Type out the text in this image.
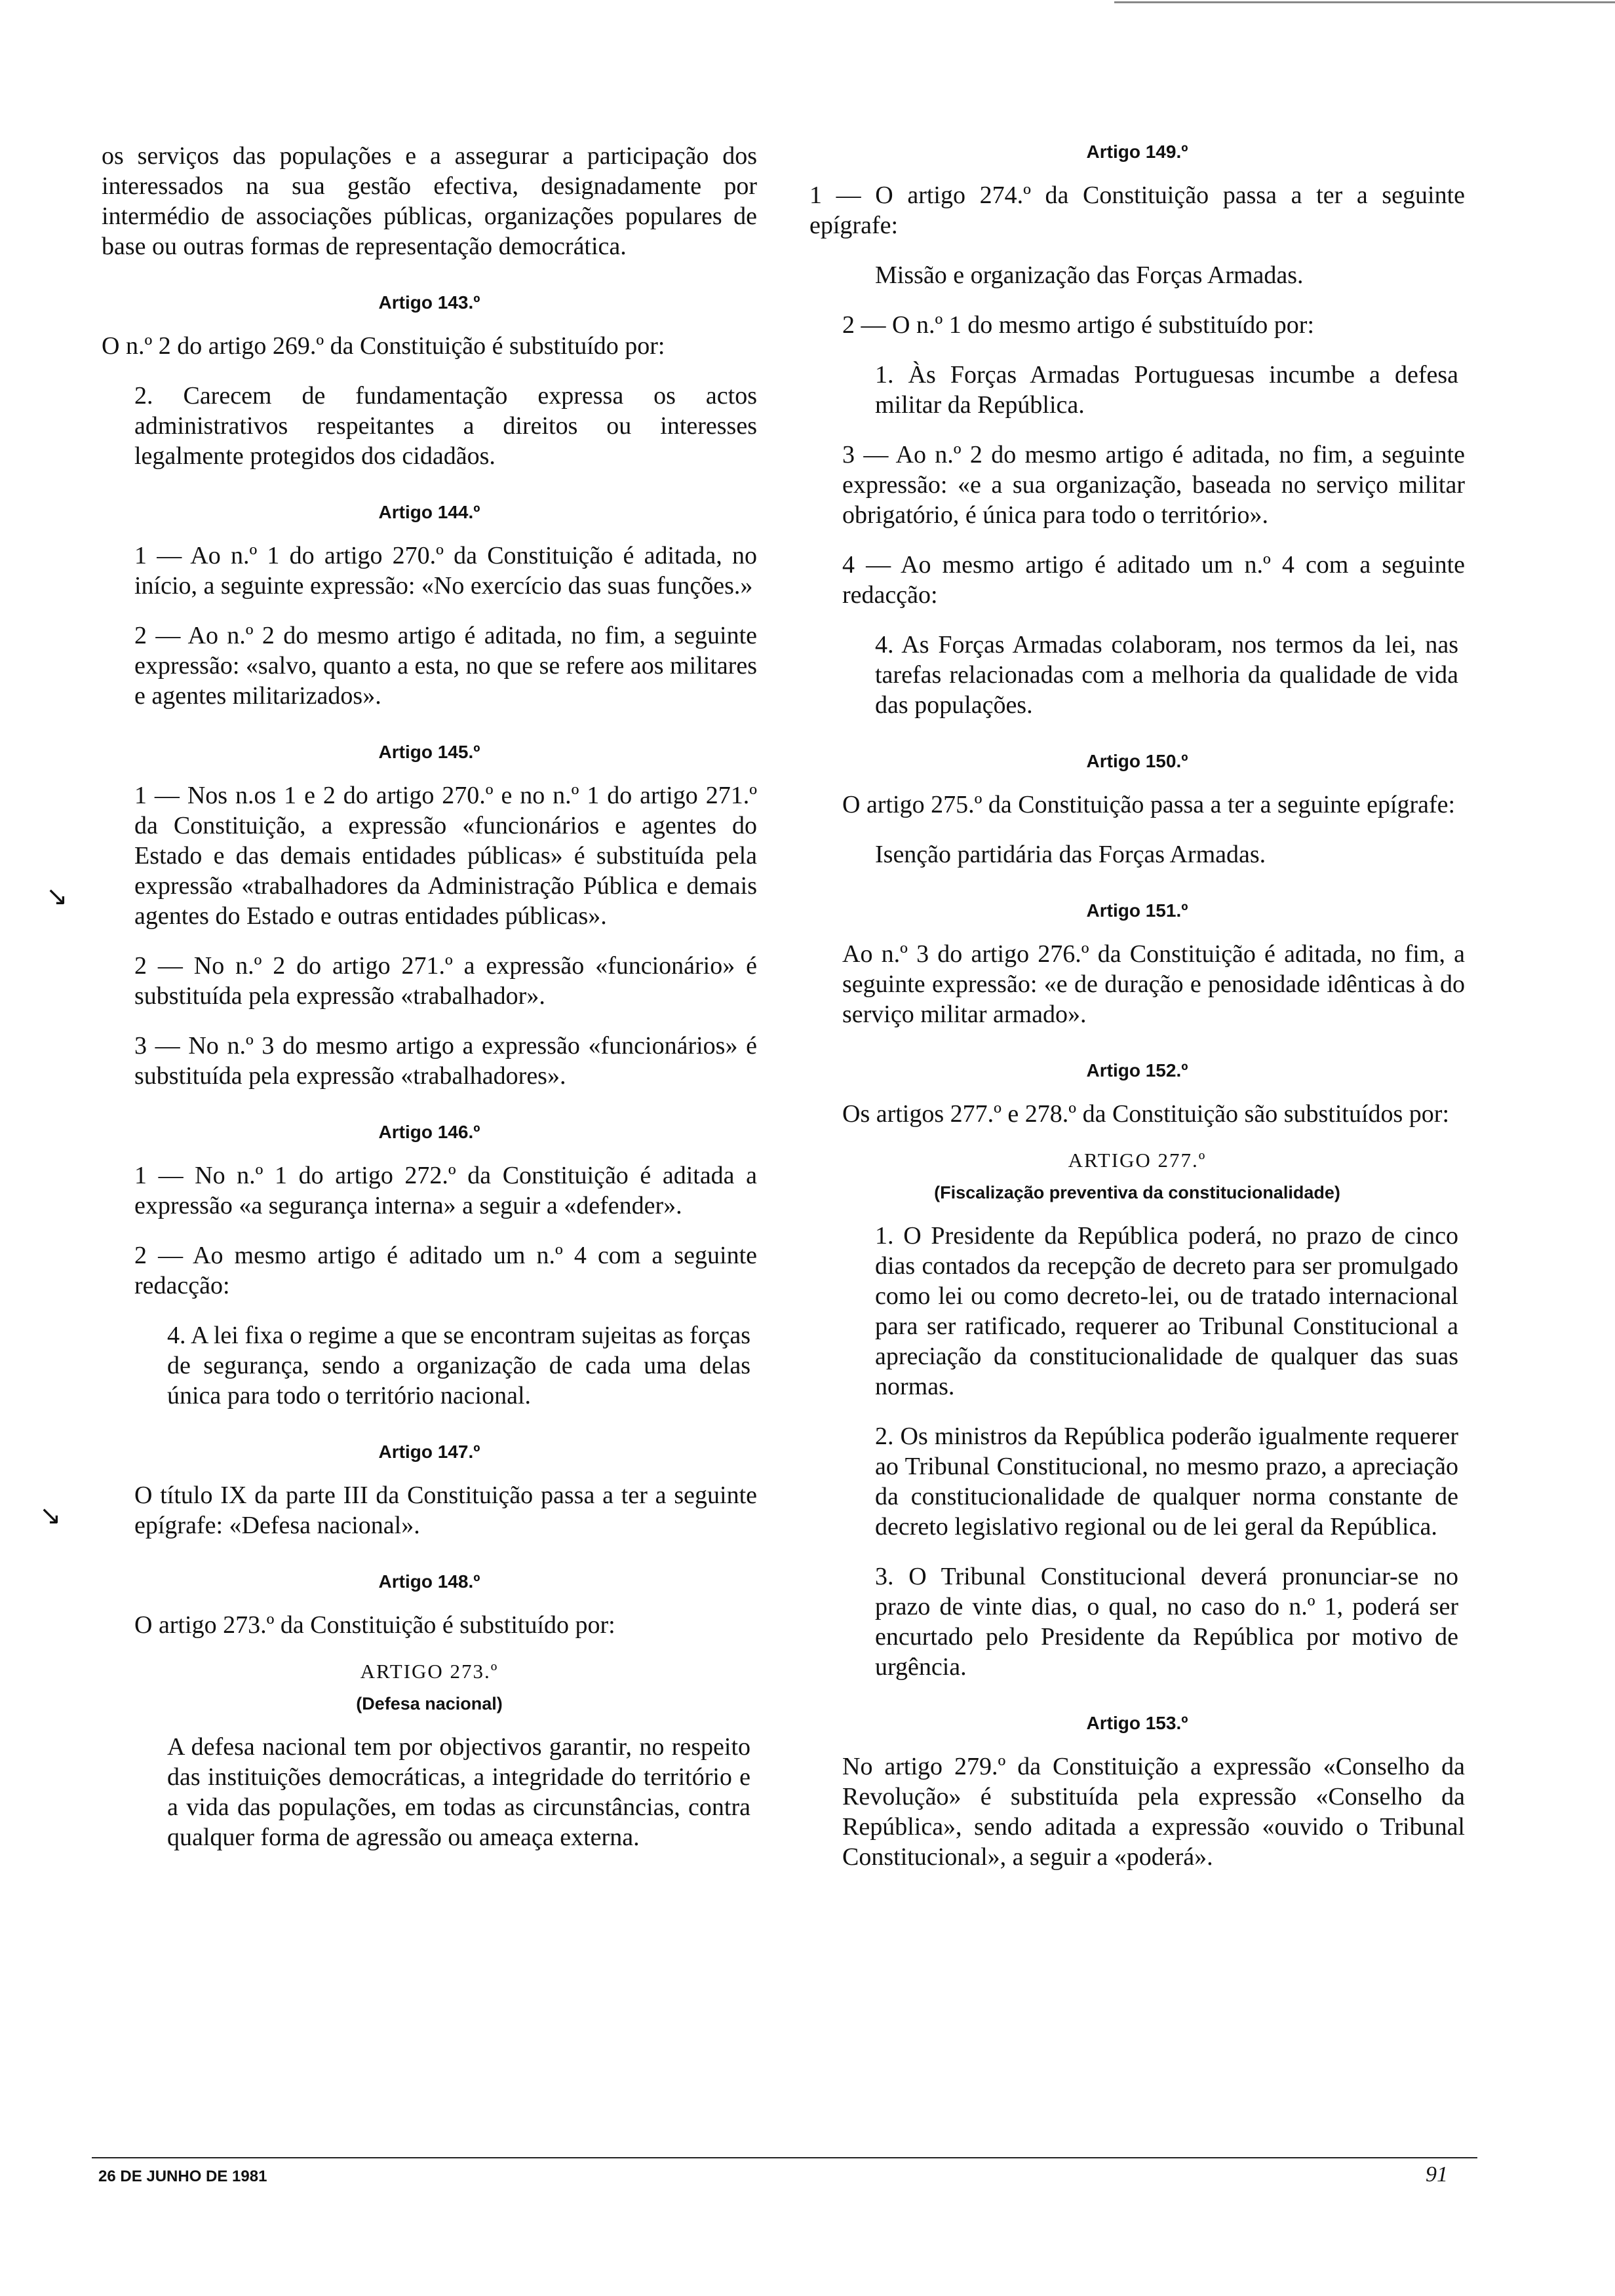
↘
↘

os serviços das populações e a assegurar a participação dos interessados na sua gestão efectiva, designadamente por intermédio de associações públicas, organizações populares de base ou outras formas de representação democrática.

Artigo 143.º

O n.º 2 do artigo 269.º da Constituição é substituído por:

2. Carecem de fundamentação expressa os actos administrativos respeitantes a direitos ou interesses legalmente protegidos dos cidadãos.

Artigo 144.º

1 — Ao n.º 1 do artigo 270.º da Constituição é aditada, no início, a seguinte expressão: «No exercício das suas funções.»

2 — Ao n.º 2 do mesmo artigo é aditada, no fim, a seguinte expressão: «salvo, quanto a esta, no que se refere aos militares e agentes militarizados».

Artigo 145.º

1 — Nos n.os 1 e 2 do artigo 270.º e no n.º 1 do artigo 271.º da Constituição, a expressão «funcionários e agentes do Estado e das demais entidades públicas» é substituída pela expressão «trabalhadores da Administração Pública e demais agentes do Estado e outras entidades públicas».

2 — No n.º 2 do artigo 271.º a expressão «funcionário» é substituída pela expressão «trabalhador».

3 — No n.º 3 do mesmo artigo a expressão «funcionários» é substituída pela expressão «trabalhadores».

Artigo 146.º

1 — No n.º 1 do artigo 272.º da Constituição é aditada a expressão «a segurança interna» a seguir a «defender».

2 — Ao mesmo artigo é aditado um n.º 4 com a seguinte redacção:

4. A lei fixa o regime a que se encontram sujeitas as forças de segurança, sendo a organização de cada uma delas única para todo o território nacional.

Artigo 147.º

O título IX da parte III da Constituição passa a ter a seguinte epígrafe: «Defesa nacional».

Artigo 148.º

O artigo 273.º da Constituição é substituído por:

ARTIGO 273.º
(Defesa nacional)

A defesa nacional tem por objectivos garantir, no respeito das instituições democráticas, a integridade do território e a vida das populações, em todas as circunstâncias, contra qualquer forma de agressão ou ameaça externa.

Artigo 149.º

1 — O artigo 274.º da Constituição passa a ter a seguinte epígrafe:

Missão e organização das Forças Armadas.

2 — O n.º 1 do mesmo artigo é substituído por:

1. Às Forças Armadas Portuguesas incumbe a defesa militar da República.

3 — Ao n.º 2 do mesmo artigo é aditada, no fim, a seguinte expressão: «e a sua organização, baseada no serviço militar obrigatório, é única para todo o território».

4 — Ao mesmo artigo é aditado um n.º 4 com a seguinte redacção:

4. As Forças Armadas colaboram, nos termos da lei, nas tarefas relacionadas com a melhoria da qualidade de vida das populações.

Artigo 150.º

O artigo 275.º da Constituição passa a ter a seguinte epígrafe:

Isenção partidária das Forças Armadas.

Artigo 151.º

Ao n.º 3 do artigo 276.º da Constituição é aditada, no fim, a seguinte expressão: «e de duração e penosidade idênticas à do serviço militar armado».

Artigo 152.º

Os artigos 277.º e 278.º da Constituição são substituídos por:

ARTIGO 277.º
(Fiscalização preventiva da constitucionalidade)

1. O Presidente da República poderá, no prazo de cinco dias contados da recepção de decreto para ser promulgado como lei ou como decreto-lei, ou de tratado internacional para ser ratificado, requerer ao Tribunal Constitucional a apreciação da constitucionalidade de qualquer das suas normas.

2. Os ministros da República poderão igualmente requerer ao Tribunal Constitucional, no mesmo prazo, a apreciação da constitucionalidade de qualquer norma constante de decreto legislativo regional ou de lei geral da República.

3. O Tribunal Constitucional deverá pronunciar-se no prazo de vinte dias, o qual, no caso do n.º 1, poderá ser encurtado pelo Presidente da República por motivo de urgência.

Artigo 153.º

No artigo 279.º da Constituição a expressão «Conselho da Revolução» é substituída pela expressão «Conselho da República», sendo aditada a expressão «ouvido o Tribunal Constitucional», a seguir a «poderá».

26 DE JUNHO DE 1981	91
